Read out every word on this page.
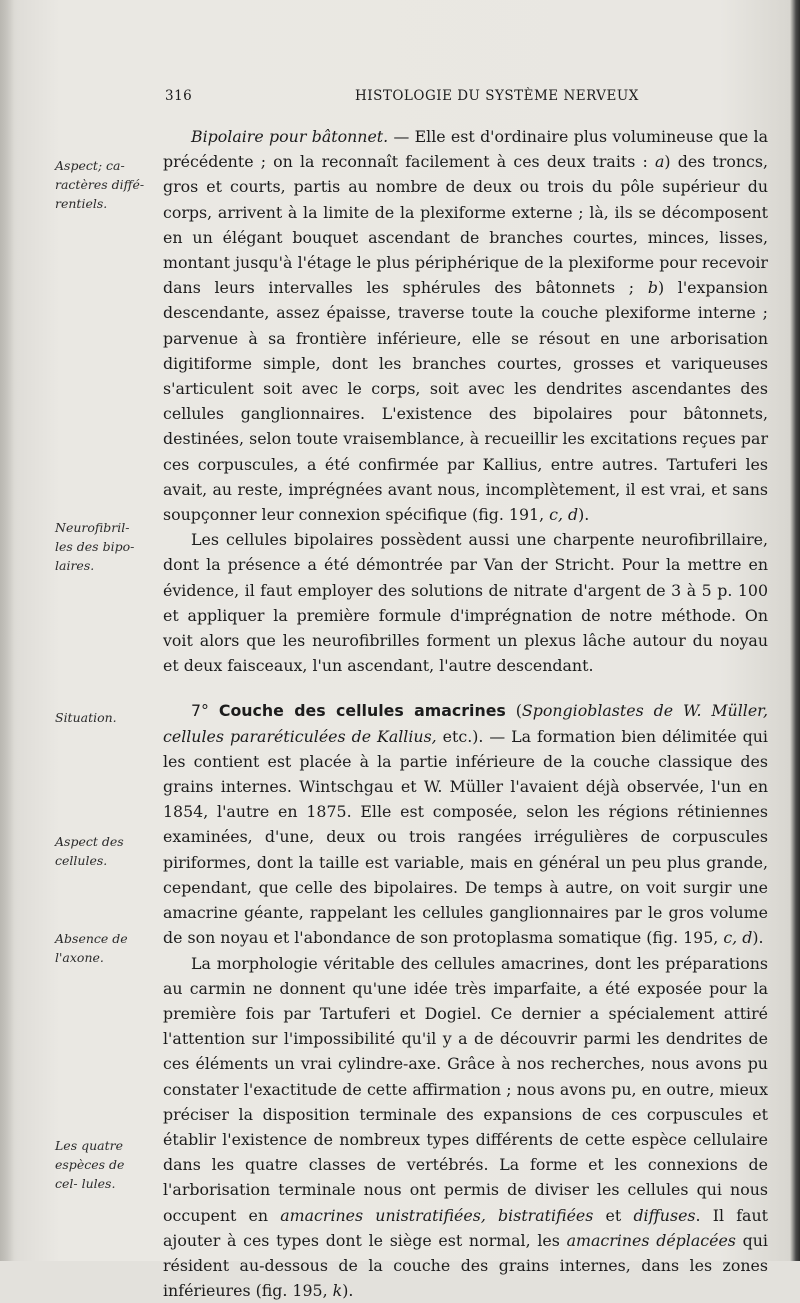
316	HISTOLOGIE DU SYSTÈME NERVEUX
Aspect; ca- ractères diffé- rentiels.
Neurofibril- les des bipo- laires.
Situation.
Aspect des cellules.
Absence de l'axone.
Les quatre espèces de cel- lules.

Bipolaire pour bâtonnet. — Elle est d'ordinaire plus volumineuse que la précédente ; on la reconnaît facilement à ces deux traits : a) des troncs, gros et courts, partis au nombre de deux ou trois du pôle supérieur du corps, arrivent à la limite de la plexiforme externe ; là, ils se décomposent en un élégant bouquet ascendant de branches courtes, minces, lisses, montant jusqu'à l'étage le plus périphérique de la plexiforme pour recevoir dans leurs intervalles les sphérules des bâtonnets ; b) l'expansion descendante, assez épaisse, traverse toute la couche plexiforme interne ; parvenue à sa frontière inférieure, elle se résout en une arborisation digitiforme simple, dont les branches courtes, grosses et variqueuses s'articulent soit avec le corps, soit avec les dendrites ascendantes des cellules ganglionnaires. L'existence des bipolaires pour bâtonnets, destinées, selon toute vraisemblance, à recueillir les excitations reçues par ces corpuscules, a été confirmée par Kallius, entre autres. Tartuferi les avait, au reste, imprégnées avant nous, incomplètement, il est vrai, et sans soupçonner leur connexion spécifique (fig. 191, c, d).

Les cellules bipolaires possèdent aussi une charpente neurofibrillaire, dont la présence a été démontrée par Van der Stricht. Pour la mettre en évidence, il faut employer des solutions de nitrate d'argent de 3 à 5 p. 100 et appliquer la première formule d'imprégnation de notre méthode. On voit alors que les neurofibrilles forment un plexus lâche autour du noyau et deux faisceaux, l'un ascendant, l'autre descendant.

7° Couche des cellules amacrines (Spongioblastes de W. Müller, cellules pararéticulées de Kallius, etc.). — La formation bien délimitée qui les contient est placée à la partie inférieure de la couche classique des grains internes. Wintschgau et W. Müller l'avaient déjà observée, l'un en 1854, l'autre en 1875. Elle est composée, selon les régions rétiniennes examinées, d'une, deux ou trois rangées irrégulières de corpuscules piriformes, dont la taille est variable, mais en général un peu plus grande, cependant, que celle des bipolaires. De temps à autre, on voit surgir une amacrine géante, rappelant les cellules ganglionnaires par le gros volume de son noyau et l'abondance de son protoplasma somatique (fig. 195, c, d).

La morphologie véritable des cellules amacrines, dont les préparations au carmin ne donnent qu'une idée très imparfaite, a été exposée pour la première fois par Tartuferi et Dogiel. Ce dernier a spécialement attiré l'attention sur l'impossibilité qu'il y a de découvrir parmi les dendrites de ces éléments un vrai cylindre-axe. Grâce à nos recherches, nous avons pu constater l'exactitude de cette affirmation ; nous avons pu, en outre, mieux préciser la disposition terminale des expansions de ces corpuscules et établir l'existence de nombreux types différents de cette espèce cellulaire dans les quatre classes de vertébrés. La forme et les connexions de l'arborisation terminale nous ont permis de diviser les cellules qui nous occupent en amacrines unistratifiées, bistratifiées et diffuses. Il faut ajouter à ces types dont le siège est normal, les amacrines déplacées qui résident au-dessous de la couche des grains internes, dans les zones inférieures (fig. 195, k).
